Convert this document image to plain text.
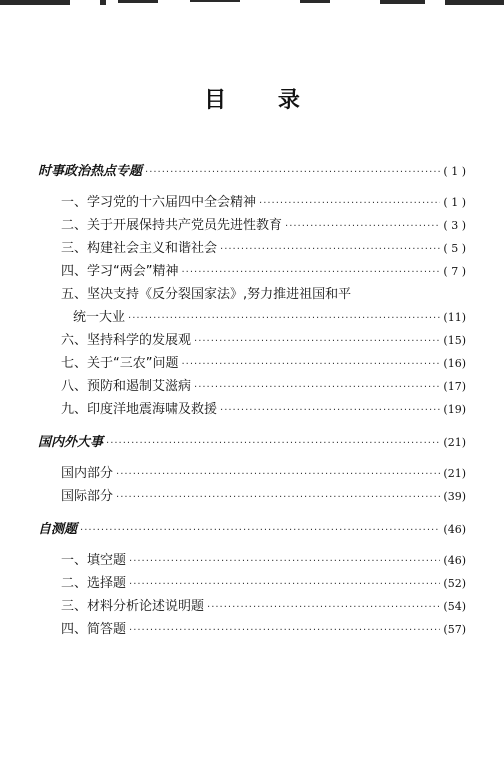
目 录
时事政治热点专题 ·····	( 1 )
一、学习党的十六届四中全会精神 ·····	( 1 )
二、关于开展保持共产党员先进性教育 ·····	( 3 )
三、构建社会主义和谐社会 ·····	( 5 )
四、学习“两会”精神 ·····	( 7 )
五、坚决支持《反分裂国家法》,努力推进祖国和平
统一大业 ·····	(11)
六、坚持科学的发展观 ·····	(15)
七、关于“三农”问题 ·····	(16)
八、预防和遏制艾滋病 ·····	(17)
九、印度洋地震海啸及救援 ·····	(19)
国内外大事 ·····	(21)
国内部分 ·····	(21)
国际部分 ·····	(39)
自测题 ·····	(46)
一、填空题 ·····	(46)
二、选择题 ·····	(52)
三、材料分析论述说明题 ·····	(54)
四、简答题 ·····	(57)
